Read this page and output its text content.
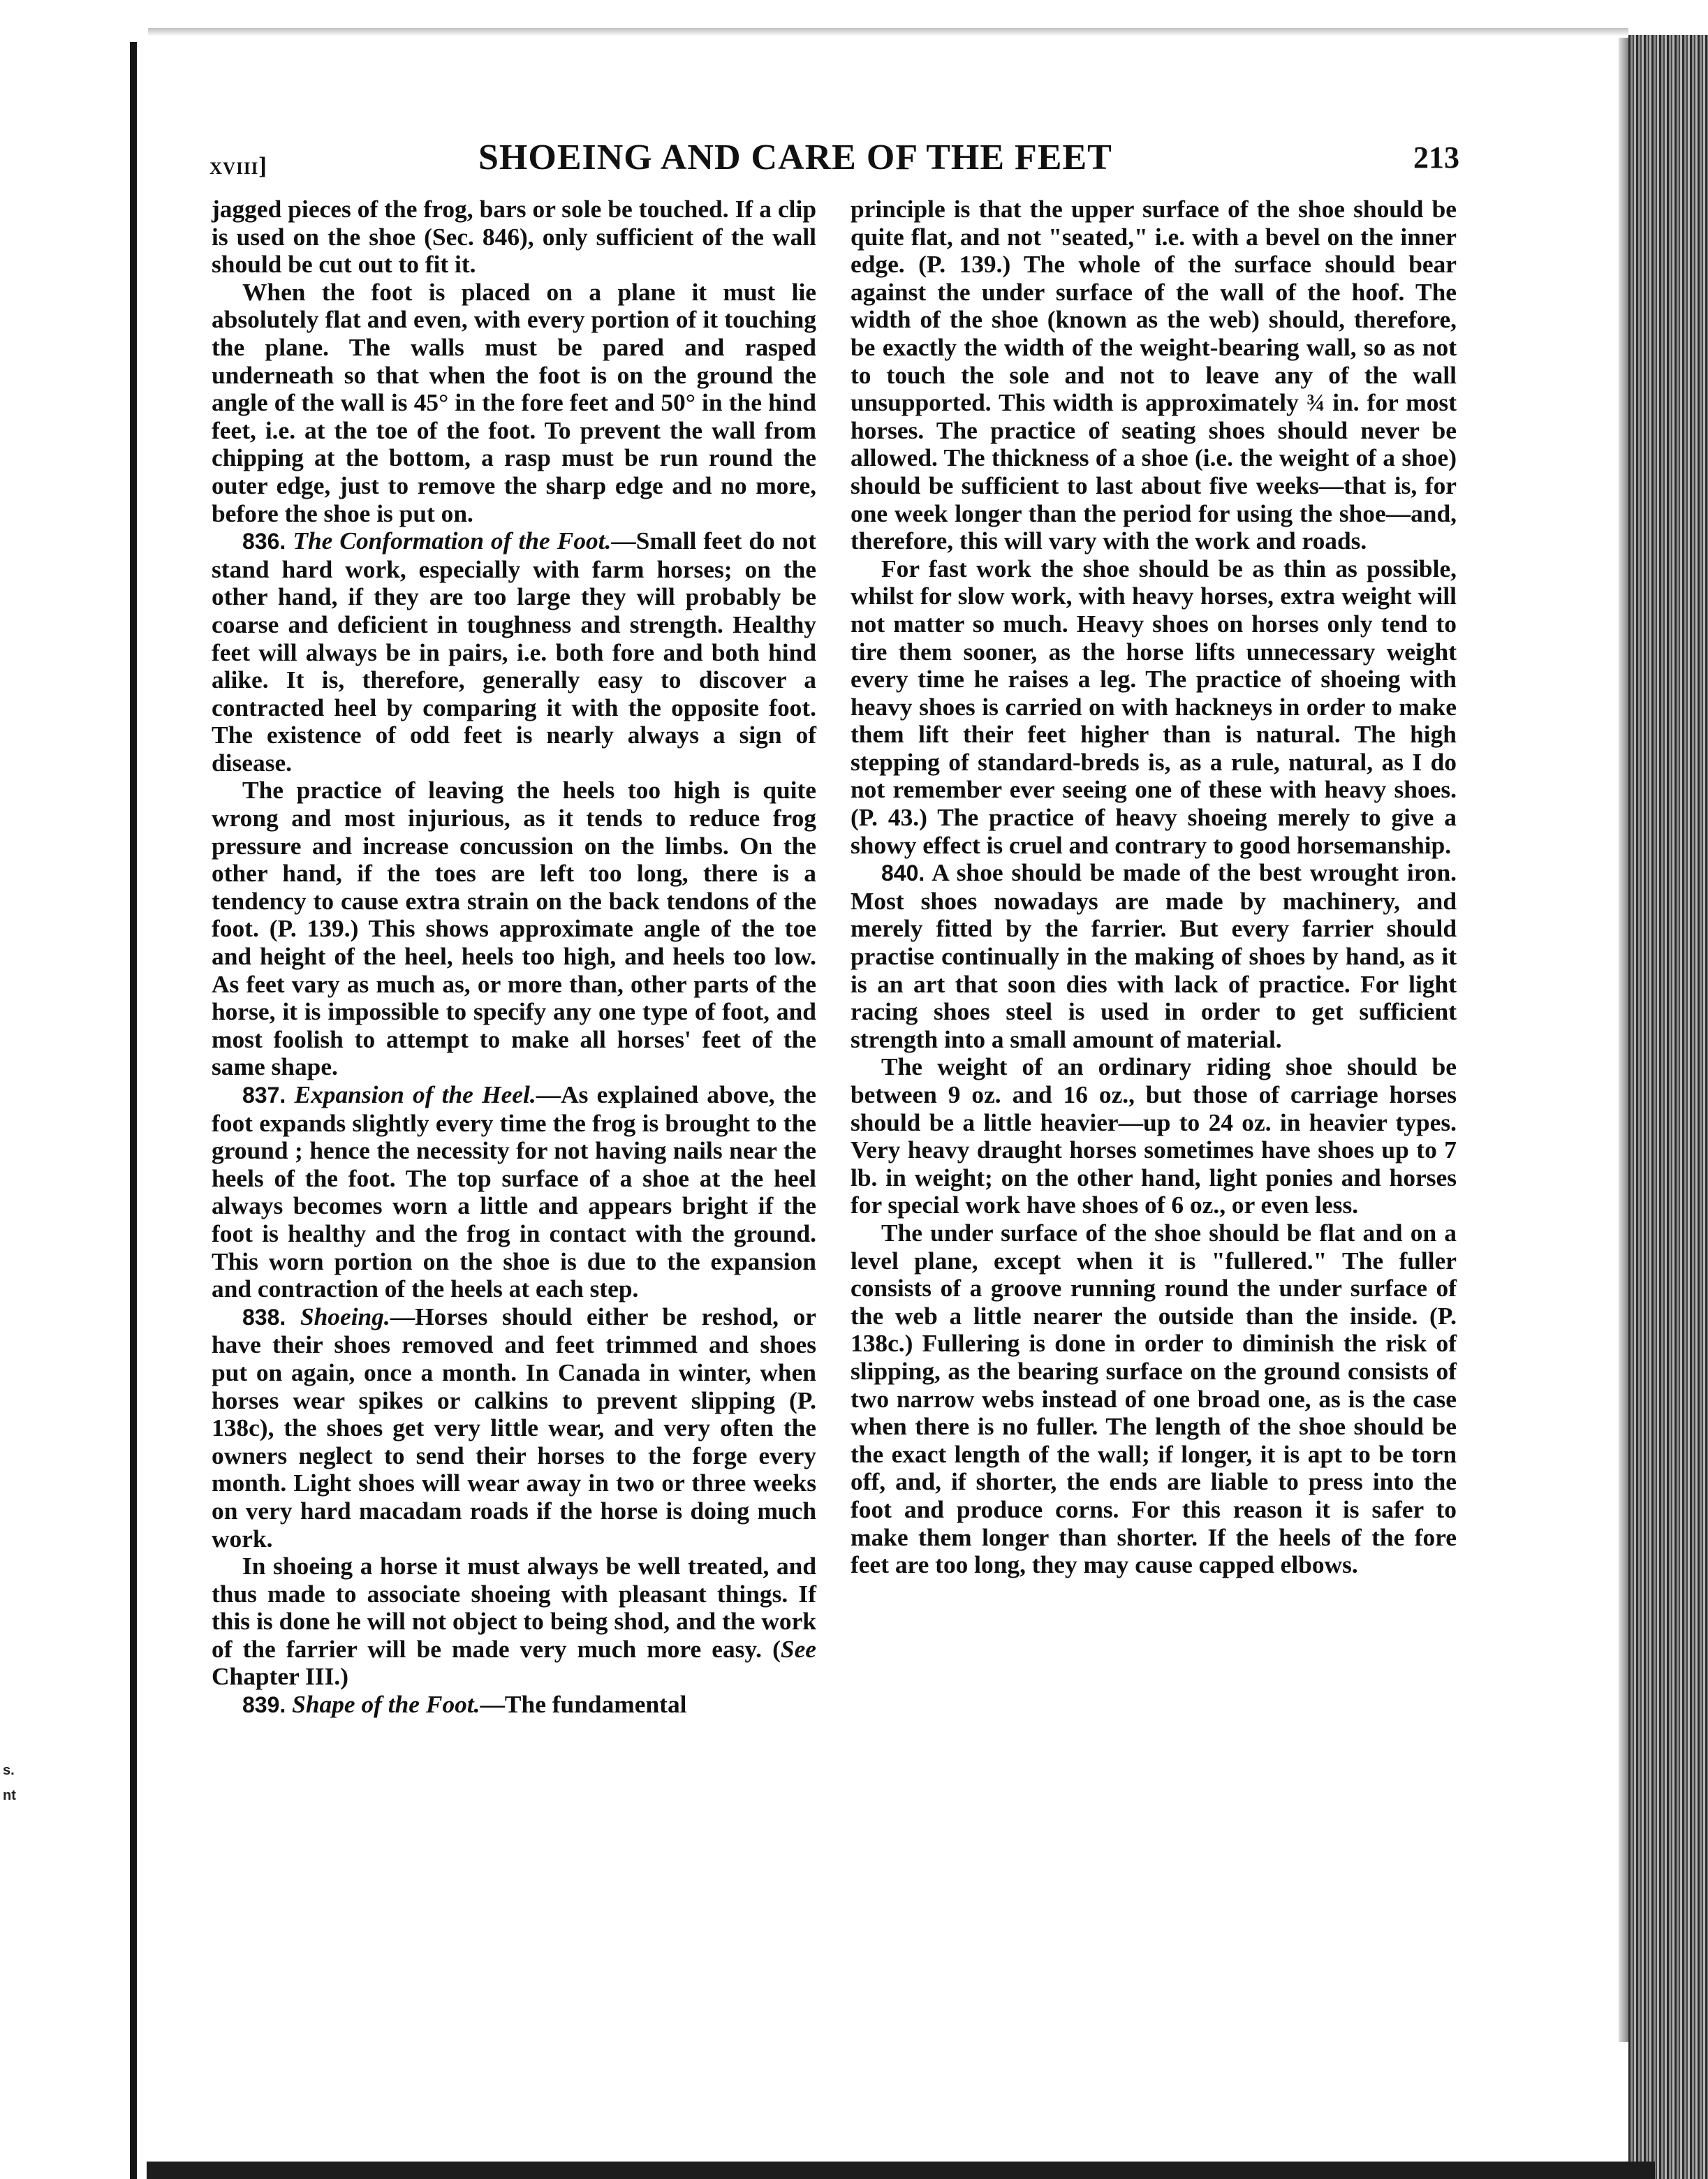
s.
nt
xviii]	SHOEING AND CARE OF THE FEET	213

jagged pieces of the frog, bars or sole be touched. If a clip is used on the shoe (Sec. 846), only sufficient of the wall should be cut out to fit it.

When the foot is placed on a plane it must lie absolutely flat and even, with every portion of it touching the plane. The walls must be pared and rasped underneath so that when the foot is on the ground the angle of the wall is 45° in the fore feet and 50° in the hind feet, i.e. at the toe of the foot. To prevent the wall from chipping at the bottom, a rasp must be run round the outer edge, just to remove the sharp edge and no more, before the shoe is put on.

836. The Conformation of the Foot.—Small feet do not stand hard work, especially with farm horses; on the other hand, if they are too large they will probably be coarse and deficient in toughness and strength. Healthy feet will always be in pairs, i.e. both fore and both hind alike. It is, therefore, generally easy to discover a contracted heel by comparing it with the opposite foot. The existence of odd feet is nearly always a sign of disease.

The practice of leaving the heels too high is quite wrong and most injurious, as it tends to reduce frog pressure and increase concussion on the limbs. On the other hand, if the toes are left too long, there is a tendency to cause extra strain on the back tendons of the foot. (P. 139.) This shows approximate angle of the toe and height of the heel, heels too high, and heels too low. As feet vary as much as, or more than, other parts of the horse, it is impossible to specify any one type of foot, and most foolish to attempt to make all horses' feet of the same shape.

837. Expansion of the Heel.—As explained above, the foot expands slightly every time the frog is brought to the ground ; hence the necessity for not having nails near the heels of the foot. The top surface of a shoe at the heel always becomes worn a little and appears bright if the foot is healthy and the frog in contact with the ground. This worn portion on the shoe is due to the expansion and contraction of the heels at each step.

838. Shoeing.—Horses should either be reshod, or have their shoes removed and feet trimmed and shoes put on again, once a month. In Canada in winter, when horses wear spikes or calkins to prevent slipping (P. 138c), the shoes get very little wear, and very often the owners neglect to send their horses to the forge every month. Light shoes will wear away in two or three weeks on very hard macadam roads if the horse is doing much work.

In shoeing a horse it must always be well treated, and thus made to associate shoeing with pleasant things. If this is done he will not object to being shod, and the work of the farrier will be made very much more easy. (See Chapter III.)

839. Shape of the Foot.—The fundamental

principle is that the upper surface of the shoe should be quite flat, and not "seated," i.e. with a bevel on the inner edge. (P. 139.) The whole of the surface should bear against the under surface of the wall of the hoof. The width of the shoe (known as the web) should, therefore, be exactly the width of the weight-bearing wall, so as not to touch the sole and not to leave any of the wall unsupported. This width is approximately ¾ in. for most horses. The practice of seating shoes should never be allowed. The thickness of a shoe (i.e. the weight of a shoe) should be sufficient to last about five weeks—that is, for one week longer than the period for using the shoe—and, therefore, this will vary with the work and roads.

For fast work the shoe should be as thin as possible, whilst for slow work, with heavy horses, extra weight will not matter so much. Heavy shoes on horses only tend to tire them sooner, as the horse lifts unnecessary weight every time he raises a leg. The practice of shoeing with heavy shoes is carried on with hackneys in order to make them lift their feet higher than is natural. The high stepping of standard-breds is, as a rule, natural, as I do not remember ever seeing one of these with heavy shoes. (P. 43.) The practice of heavy shoeing merely to give a showy effect is cruel and contrary to good horsemanship.

840. A shoe should be made of the best wrought iron. Most shoes nowadays are made by machinery, and merely fitted by the farrier. But every farrier should practise continually in the making of shoes by hand, as it is an art that soon dies with lack of practice. For light racing shoes steel is used in order to get sufficient strength into a small amount of material.

The weight of an ordinary riding shoe should be between 9 oz. and 16 oz., but those of carriage horses should be a little heavier—up to 24 oz. in heavier types. Very heavy draught horses sometimes have shoes up to 7 lb. in weight; on the other hand, light ponies and horses for special work have shoes of 6 oz., or even less.

The under surface of the shoe should be flat and on a level plane, except when it is "fullered." The fuller consists of a groove running round the under surface of the web a little nearer the outside than the inside. (P. 138c.) Fullering is done in order to diminish the risk of slipping, as the bearing surface on the ground consists of two narrow webs instead of one broad one, as is the case when there is no fuller. The length of the shoe should be the exact length of the wall; if longer, it is apt to be torn off, and, if shorter, the ends are liable to press into the foot and produce corns. For this reason it is safer to make them longer than shorter. If the heels of the fore feet are too long, they may cause capped elbows.
